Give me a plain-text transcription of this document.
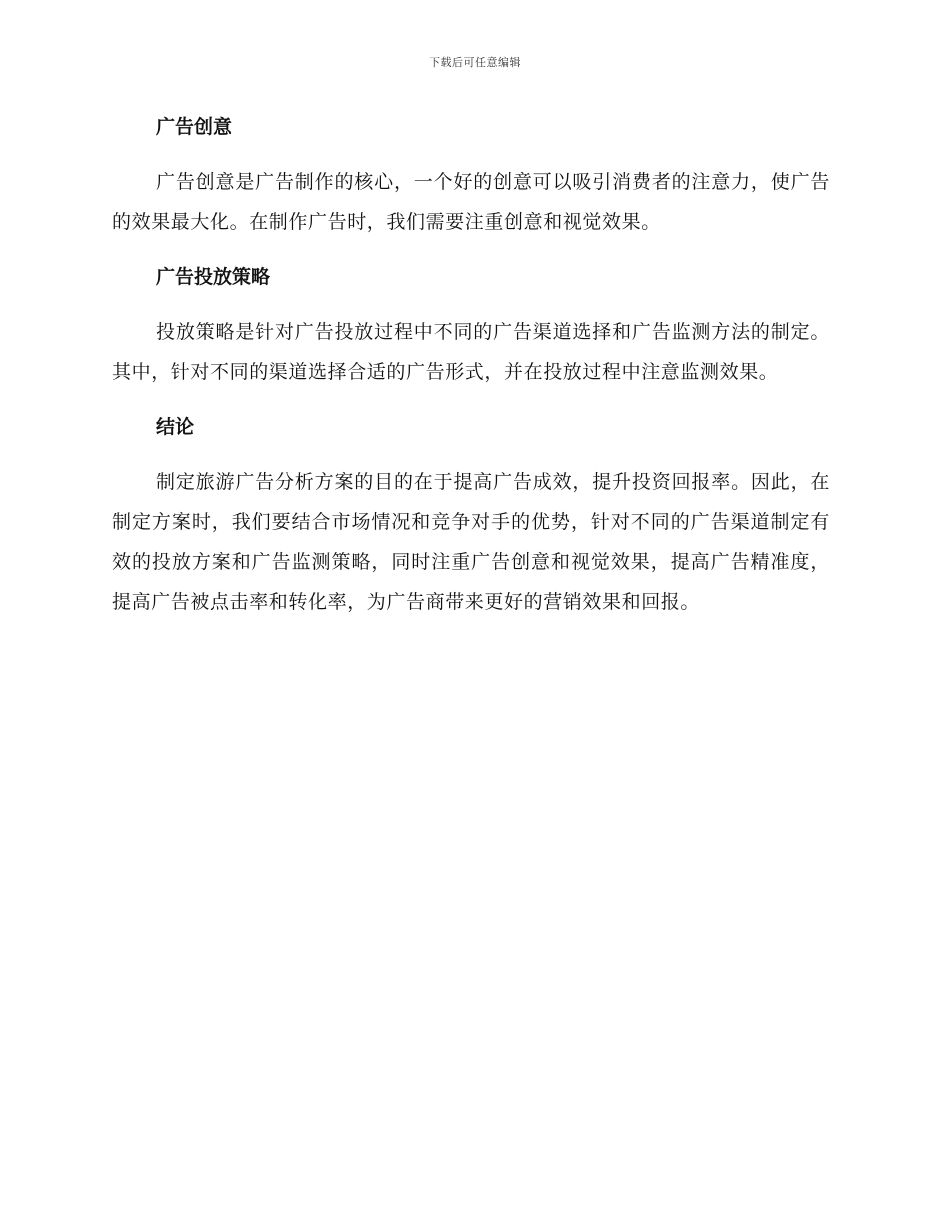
下载后可任意编辑
广告创意

广告创意是广告制作的核心，一个好的创意可以吸引消费者的注意力，使广告的效果最大化。在制作广告时，我们需要注重创意和视觉效果。

广告投放策略

投放策略是针对广告投放过程中不同的广告渠道选择和广告监测方法的制定。其中，针对不同的渠道选择合适的广告形式，并在投放过程中注意监测效果。

结论

制定旅游广告分析方案的目的在于提高广告成效，提升投资回报率。因此，在制定方案时，我们要结合市场情况和竞争对手的优势，针对不同的广告渠道制定有效的投放方案和广告监测策略，同时注重广告创意和视觉效果，提高广告精准度，提高广告被点击率和转化率，为广告商带来更好的营销效果和回报。
